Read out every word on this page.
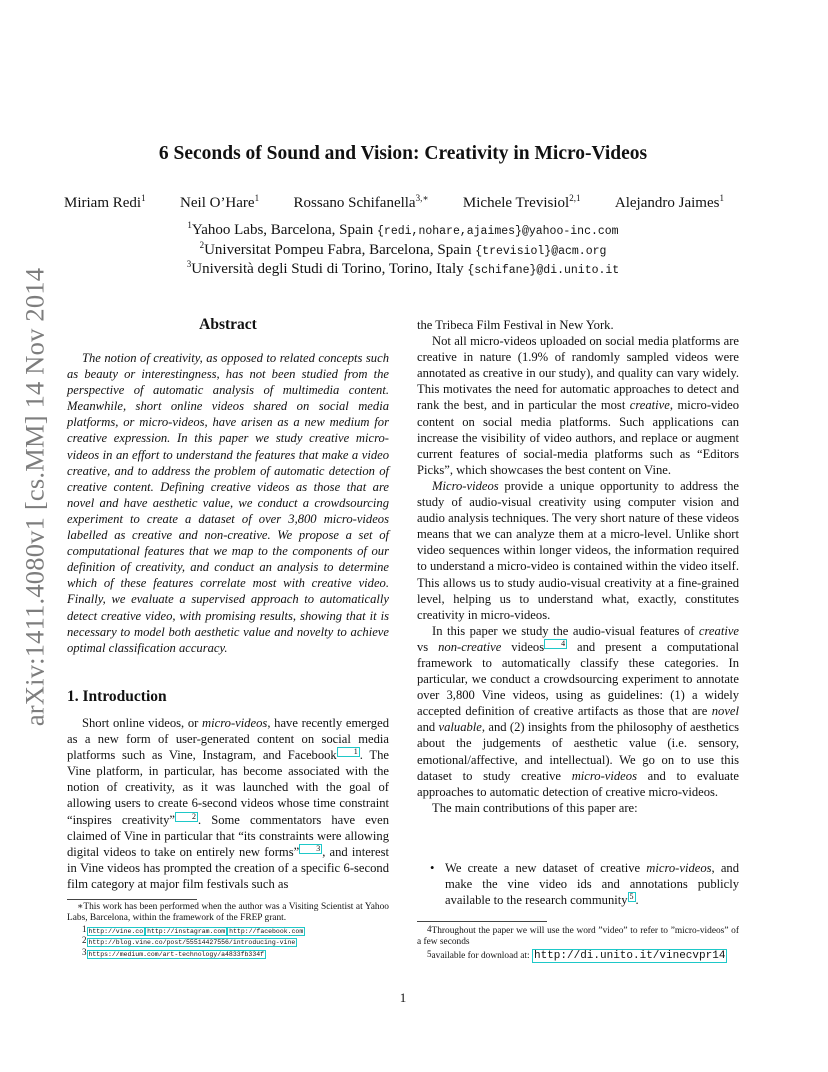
arXiv:1411.4080v1 [cs.MM] 14 Nov 2014
6 Seconds of Sound and Vision: Creativity in Micro-Videos
Miriam Redi$^1$ Neil O’Hare$^1$ Rossano Schifanella$^{3,∗}$ Michele Trevisiol$^{2,1}$ Alejandro Jaimes$^1$
$^1$Yahoo Labs, Barcelona, Spain {redi,nohare,ajaimes}@yahoo-inc.com
$^2$Universitat Pompeu Fabra, Barcelona, Spain {trevisiol}@acm.org
$^3$Università degli Studi di Torino, Torino, Italy {schifane}@di.unito.it
Abstract

The notion of creativity, as opposed to related concepts such as beauty or interestingness, has not been studied from the perspective of automatic analysis of multimedia content. Meanwhile, short online videos shared on social media platforms, or micro-videos, have arisen as a new medium for creative expression. In this paper we study creative micro-videos in an effort to understand the features that make a video creative, and to address the problem of automatic detection of creative content. Defining creative videos as those that are novel and have aesthetic value, we conduct a crowdsourcing experiment to create a dataset of over 3,800 micro-videos labelled as creative and non-creative. We propose a set of computational features that we map to the components of our definition of creativity, and conduct an analysis to determine which of these features correlate most with creative video. Finally, we evaluate a supervised approach to automatically detect creative video, with promising results, showing that it is necessary to model both aesthetic value and novelty to achieve optimal classification accuracy.

1. Introduction

Short online videos, or micro-videos, have recently emerged as a new form of user-generated content on social media platforms such as Vine, Instagram, and Facebook 1 . The Vine platform, in particular, has become associated with the notion of creativity, as it was launched with the goal of allowing users to create 6-second videos whose time constraint “inspires creativity” 2 . Some commentators have even claimed of Vine in particular that “its constraints were allowing digital videos to take on entirely new forms” 3 , and interest in Vine videos has prompted the creation of a specific 6-second film category at major film festivals such as

∗This work has been performed when the author was a Visiting Scientist at Yahoo Labs, Barcelona, within the framework of the FREP grant.
$^1$ http://vine.co http://instagram.com http://facebook.com
$^2$ http://blog.vine.co/post/55514427556/introducing-vine
$^3$ https://medium.com/art-technology/a4833fb334f
the Tribeca Film Festival in New York.

Not all micro-videos uploaded on social media platforms are creative in nature (1.9% of randomly sampled videos were annotated as creative in our study), and quality can vary widely. This motivates the need for automatic approaches to detect and rank the best, and in particular the most creative, micro-video content on social media platforms. Such applications can increase the visibility of video authors, and replace or augment current features of social-media platforms such as “Editors Picks”, which showcases the best content on Vine.

Micro-videos provide a unique opportunity to address the study of audio-visual creativity using computer vision and audio analysis techniques. The very short nature of these videos means that we can analyze them at a micro-level. Unlike short video sequences within longer videos, the information required to understand a micro-video is contained within the video itself. This allows us to study audio-visual creativity at a fine-grained level, helping us to understand what, exactly, constitutes creativity in micro-videos.

In this paper we study the audio-visual features of creative vs non-creative videos 4 and present a computational framework to automatically classify these categories. In particular, we conduct a crowdsourcing experiment to annotate over 3,800 Vine videos, using as guidelines: (1) a widely accepted definition of creative artifacts as those that are novel and valuable, and (2) insights from the philosophy of aesthetics about the judgements of aesthetic value (i.e. sensory, emotional/affective, and intellectual). We go on to use this dataset to study creative micro-videos and to evaluate approaches to automatic detection of creative micro-videos.

The main contributions of this paper are:

• We create a new dataset of creative micro-videos, and make the vine video ids and annotations publicly available to the research community 5 .
$^4$Throughout the paper we will use the word ”video” to refer to ”micro-videos” of a few seconds
$^5$available for download at: http://di.unito.it/vinecvpr14
1
